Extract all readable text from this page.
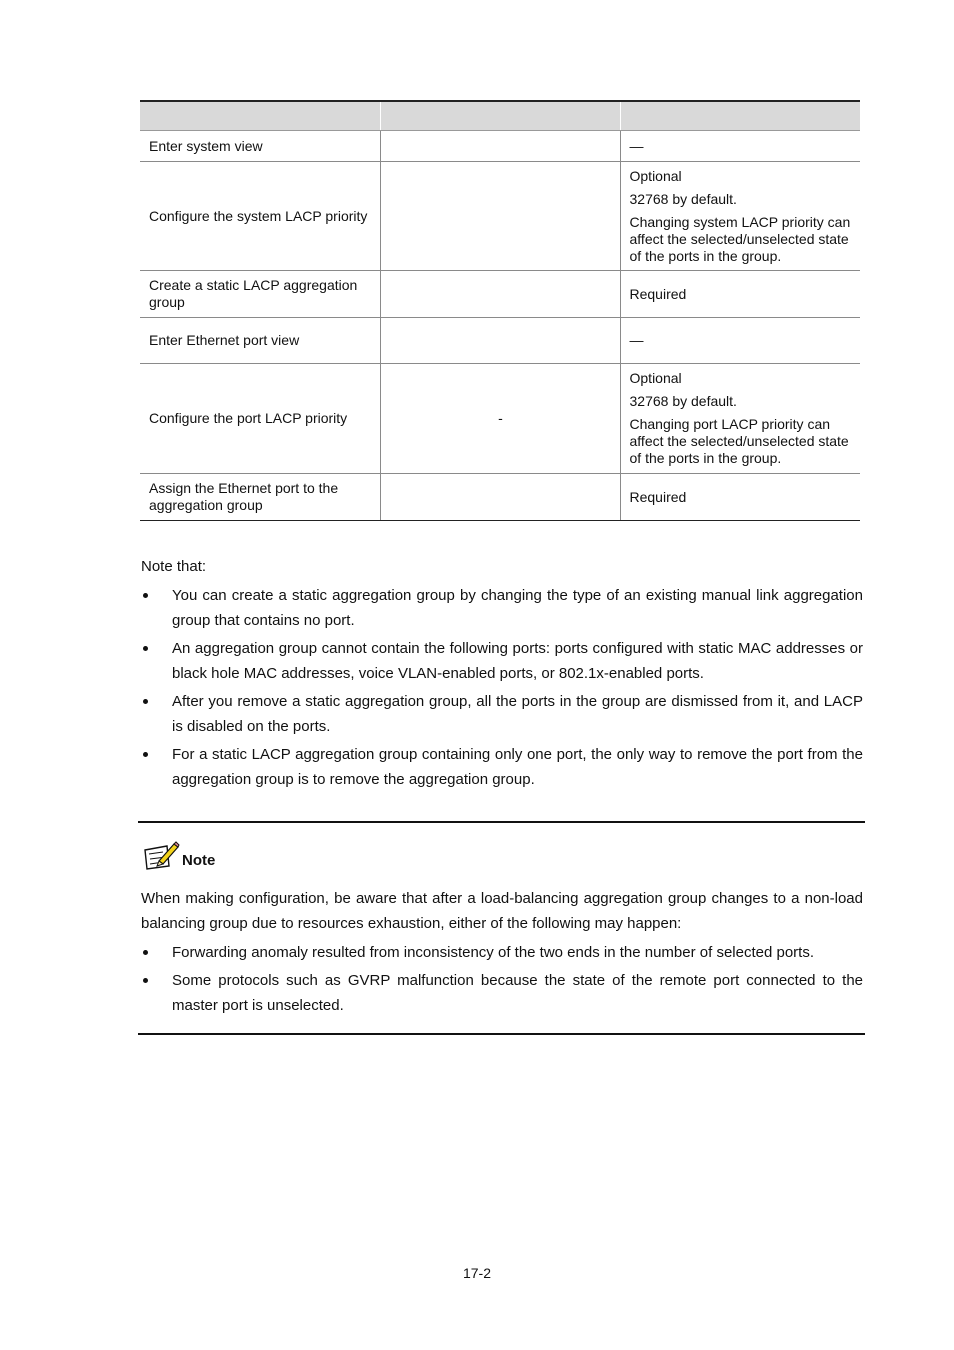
Enter system view		—

Configure the system LACP priority		Optional

32768 by default.

Changing system LACP priority can affect the selected/unselected state of the ports in the group.

Create a static LACP aggregation group		Required

Enter Ethernet port view		—

Configure the port LACP priority	-	Optional

32768 by default.

Changing port LACP priority can affect the selected/unselected state of the ports in the group.

Assign the Ethernet port to the aggregation group		Required

Note that:

You can create a static aggregation group by changing the type of an existing manual link aggregation group that contains no port.
An aggregation group cannot contain the following ports: ports configured with static MAC addresses or black hole MAC addresses, voice VLAN-enabled ports, or 802.1x-enabled ports.
After you remove a static aggregation group, all the ports in the group are dismissed from it, and LACP is disabled on the ports.
For a static LACP aggregation group containing only one port, the only way to remove the port from the aggregation group is to remove the aggregation group.
Note

When making configuration, be aware that after a load-balancing aggregation group changes to a non-load balancing group due to resources exhaustion, either of the following may happen:

Forwarding anomaly resulted from inconsistency of the two ends in the number of selected ports.
Some protocols such as GVRP malfunction because the state of the remote port connected to the master port is unselected.
17-2
